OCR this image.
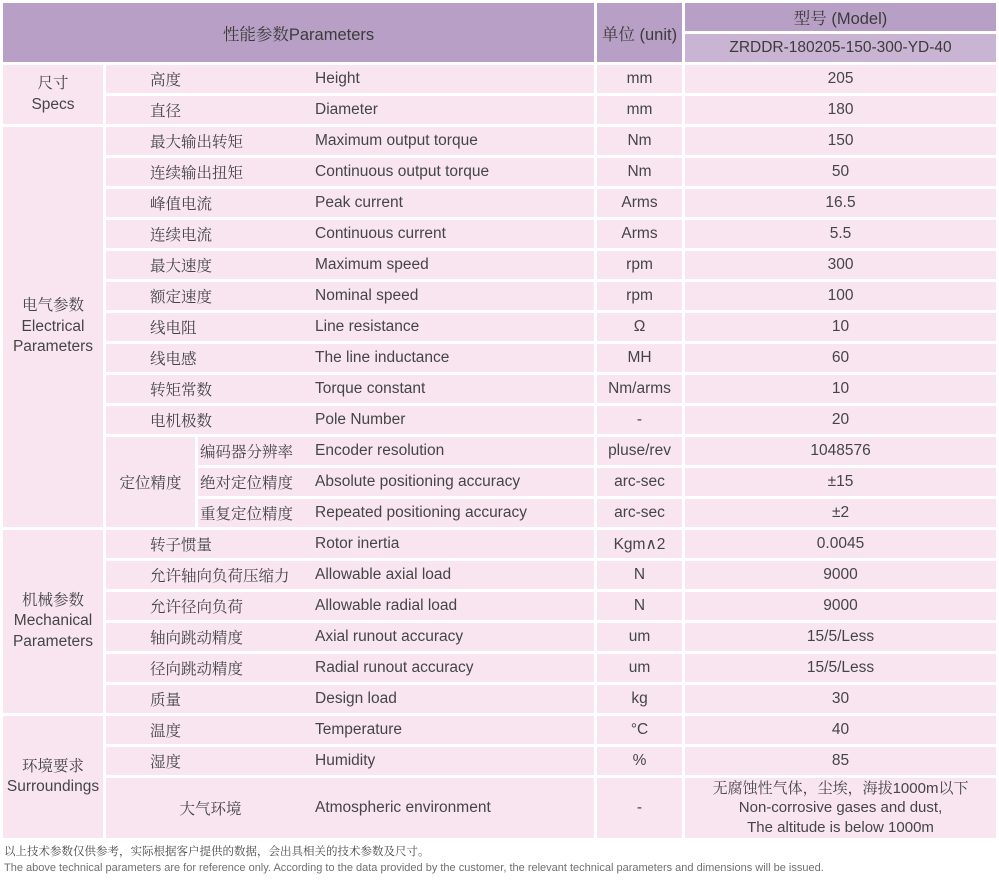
性能参数Parameters			单位 (unit)	型号 (Model)
				ZRDDR-180205-150-300-YD-40

尺寸
Specs	高度 Height		mm	205
	直径 Diameter		mm	180

电气参数
Electrical Parameters	最大输出转矩 Maximum output torque		Nm	150
	连续输出扭矩 Continuous output torque		Nm	50
	峰值电流 Peak current		Arms	16.5
	连续电流 Continuous current		Arms	5.5
	最大速度 Maximum speed		rpm	300
	额定速度 Nominal speed		rpm	100
	线电阻 Line resistance		Ω	10
	线电感 The line inductance		MH	60
	转矩常数 Torque constant		Nm/arms	10
	电机极数 Pole Number		-	20
	定位精度	编码器分辨率 Encoder resolution	pluse/rev	1048576
		绝对定位精度 Absolute positioning accuracy	arc-sec	±15
		重复定位精度 Repeated positioning accuracy	arc-sec	±2

机械参数
Mechanical Parameters	转子惯量 Rotor inertia		Kgm∧2	0.0045
	允许轴向负荷压缩力 Allowable axial load		N	9000
	允许径向负荷 Allowable radial load		N	9000
	轴向跳动精度 Axial runout accuracy		um	15/5/Less
	径向跳动精度 Radial runout accuracy		um	15/5/Less
	质量 Design load		kg	30

环境要求
Surroundings	温度 Temperature		°C	40
	湿度 Humidity		%	85
	大气环境 Atmospheric environment		-	无腐蚀性气体，尘埃，海拔1000m以下
Non-corrosive gases and dust,
The altitude is below 1000m
以上技术参数仅供参考，实际根据客户提供的数据，会出具相关的技术参数及尺寸。
The above technical parameters are for reference only. According to the data provided by the customer, the relevant technical parameters and dimensions will be issued.
